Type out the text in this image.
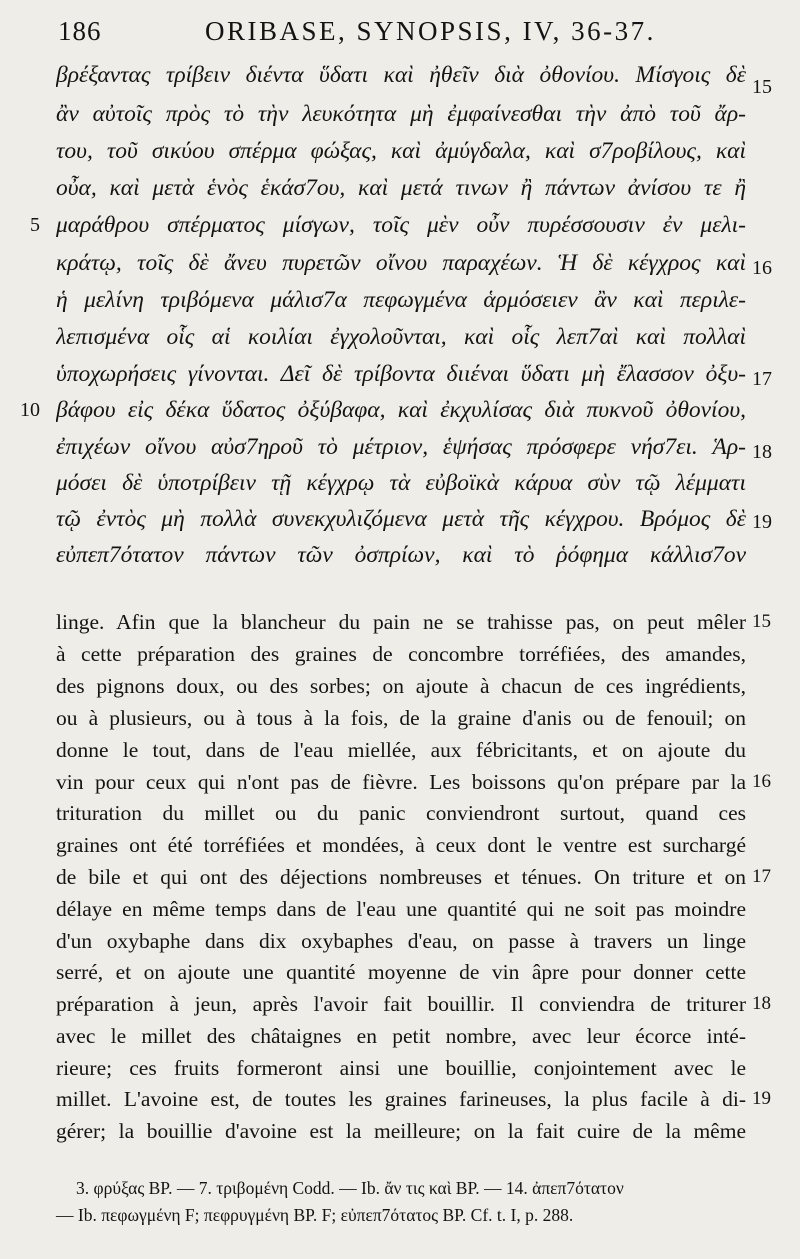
186	ORIBASE, SYNOPSIS, IV, 36-37.
βρέξαντας τρίβειν διέντα ὕδατι καὶ ἠθεῖν διὰ ὀθονίου. Μίσγοις δὲ
ἂν αὐτοῖς πρὸς τὸ τὴν λευκότητα μὴ ἐμφαίνεσθαι τὴν ἀπὸ τοῦ ἄρ-
του, τοῦ σικύου σπέρμα φώξας, καὶ ἀμύγδαλα, καὶ σ7ροβίλους, καὶ
οὖα, καὶ μετὰ ἑνὸς ἑκάσ7ου, καὶ μετά τινων ἢ πάντων ἀνίσου τε ἢ
μαράθρου σπέρματος μίσγων, τοῖς μὲν οὖν πυρέσσουσιν ἐν μελι-
κράτῳ, τοῖς δὲ ἄνευ πυρετῶν οἴνου παραχέων. Ἡ δὲ κέγχρος καὶ
ἡ μελίνη τριβόμενα μάλισ7α πεφωγμένα ἁρμόσειεν ἂν καὶ περιλε-
λεπισμένα οἷς αἱ κοιλίαι ἐγχολοῦνται, καὶ οἷς λεπ7αὶ καὶ πολλαὶ
ὑποχωρήσεις γίνονται. Δεῖ δὲ τρίβοντα διιέναι ὕδατι μὴ ἔλασσον ὀξυ-
βάφου εἰς δέκα ὕδατος ὀξύβαφα, καὶ ἐκχυλίσας διὰ πυκνοῦ ὀθονίου,
ἐπιχέων οἴνου αὐσ7ηροῦ τὸ μέτριον, ἑψήσας πρόσφερε νήσ7ει. Ἁρ-
μόσει δὲ ὑποτρίβειν τῇ κέγχρῳ τὰ εὐβοϊκὰ κάρυα σὺν τῷ λέμματι
τῷ ἐντὸς μὴ πολλὰ συνεκχυλιζόμενα μετὰ τῆς κέγχρου. Βρόμος δὲ
εὐπεπ7ότατον πάντων τῶν ὀσπρίων, καὶ τὸ ῥόφημα κάλλισ7ον
5
10
15
16
17
18
19
linge. Afin que la blancheur du pain ne se trahisse pas, on peut mêler
à cette préparation des graines de concombre torréfiées, des amandes,
des pignons doux, ou des sorbes; on ajoute à chacun de ces ingrédients,
ou à plusieurs, ou à tous à la fois, de la graine d'anis ou de fenouil; on
donne le tout, dans de l'eau miellée, aux fébricitants, et on ajoute du
vin pour ceux qui n'ont pas de fièvre. Les boissons qu'on prépare par la
trituration du millet ou du panic conviendront surtout, quand ces
graines ont été torréfiées et mondées, à ceux dont le ventre est surchargé
de bile et qui ont des déjections nombreuses et ténues. On triture et on
délaye en même temps dans de l'eau une quantité qui ne soit pas moindre
d'un oxybaphe dans dix oxybaphes d'eau, on passe à travers un linge
serré, et on ajoute une quantité moyenne de vin âpre pour donner cette
préparation à jeun, après l'avoir fait bouillir. Il conviendra de triturer
avec le millet des châtaignes en petit nombre, avec leur écorce inté-
rieure; ces fruits formeront ainsi une bouillie, conjointement avec le
millet. L'avoine est, de toutes les graines farineuses, la plus facile à di-
gérer; la bouillie d'avoine est la meilleure; on la fait cuire de la même
15
16
17
18
19
3. φρύξας BP. — 7. τριβομένη Codd. — Ib. ἄν τις καὶ BP. — 14. ἀπεπ7ότατον
— Ib. πεφωγμένη F; πεφρυγμένη BP. F; εὐπεπ7ότατος BP. Cf. t. I, p. 288.
